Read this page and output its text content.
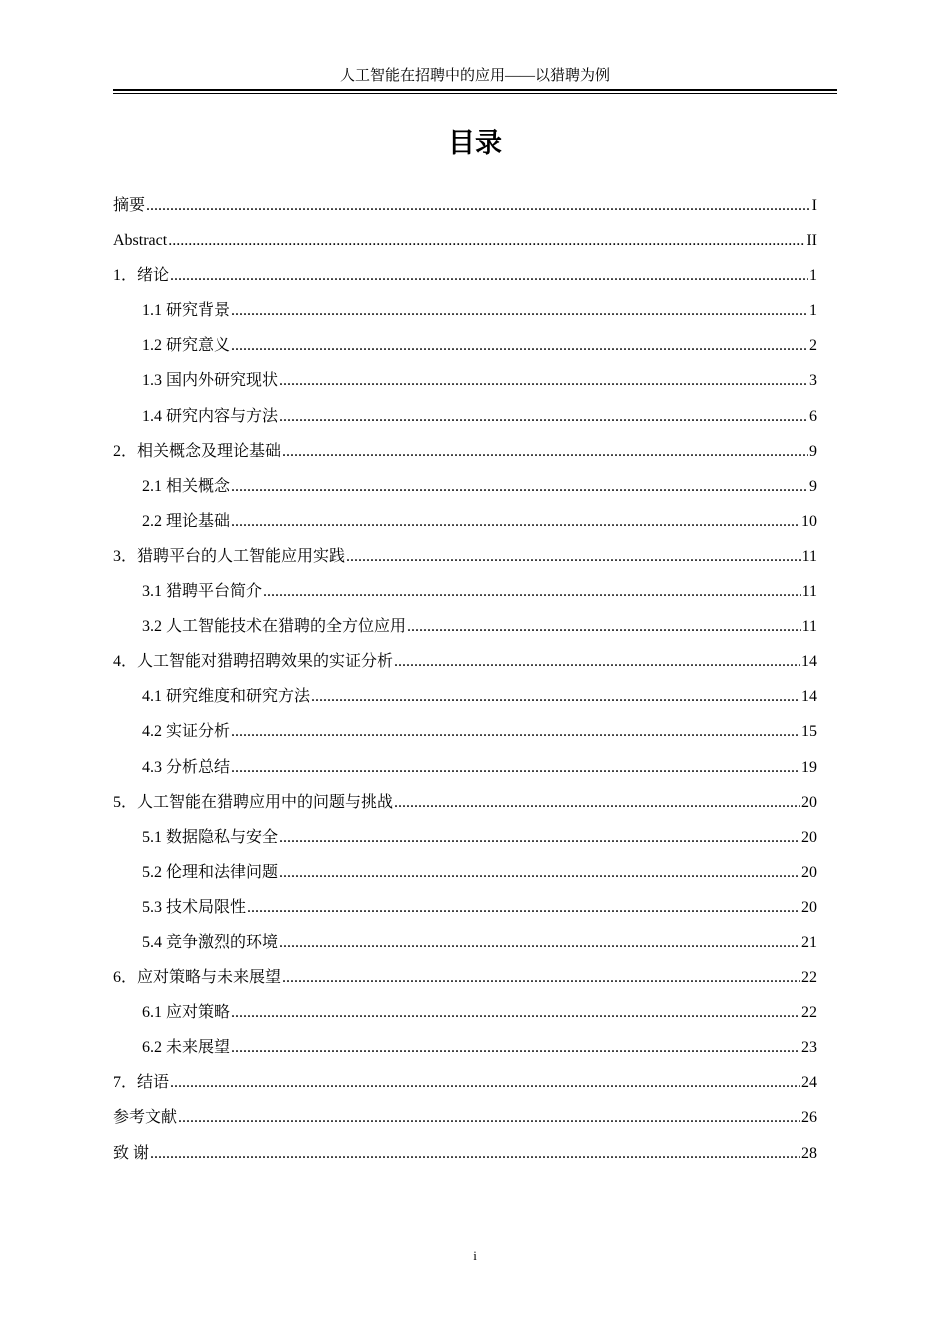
人工智能在招聘中的应用——以猎聘为例
目录
摘要 .....	I
Abstract .....	II
1．绪论 .....	1
1.1 研究背景 .....	1
1.2 研究意义 .....	2
1.3 国内外研究现状 .....	3
1.4 研究内容与方法 .....	6
2．相关概念及理论基础 .....	9
2.1 相关概念 .....	9
2.2 理论基础 .....	10
3．猎聘平台的人工智能应用实践 .....	11
3.1 猎聘平台简介 .....	11
3.2 人工智能技术在猎聘的全方位应用 .....	11
4．人工智能对猎聘招聘效果的实证分析 .....	14
4.1 研究维度和研究方法 .....	14
4.2 实证分析 .....	15
4.3 分析总结 .....	19
5．人工智能在猎聘应用中的问题与挑战 .....	20
5.1 数据隐私与安全 .....	20
5.2 伦理和法律问题 .....	20
5.3 技术局限性 .....	20
5.4 竞争激烈的环境 .....	21
6．应对策略与未来展望 .....	22
6.1 应对策略 .....	22
6.2 未来展望 .....	23
7．结语 .....	24
参考文献 .....	26
致 谢 .....	28
i
